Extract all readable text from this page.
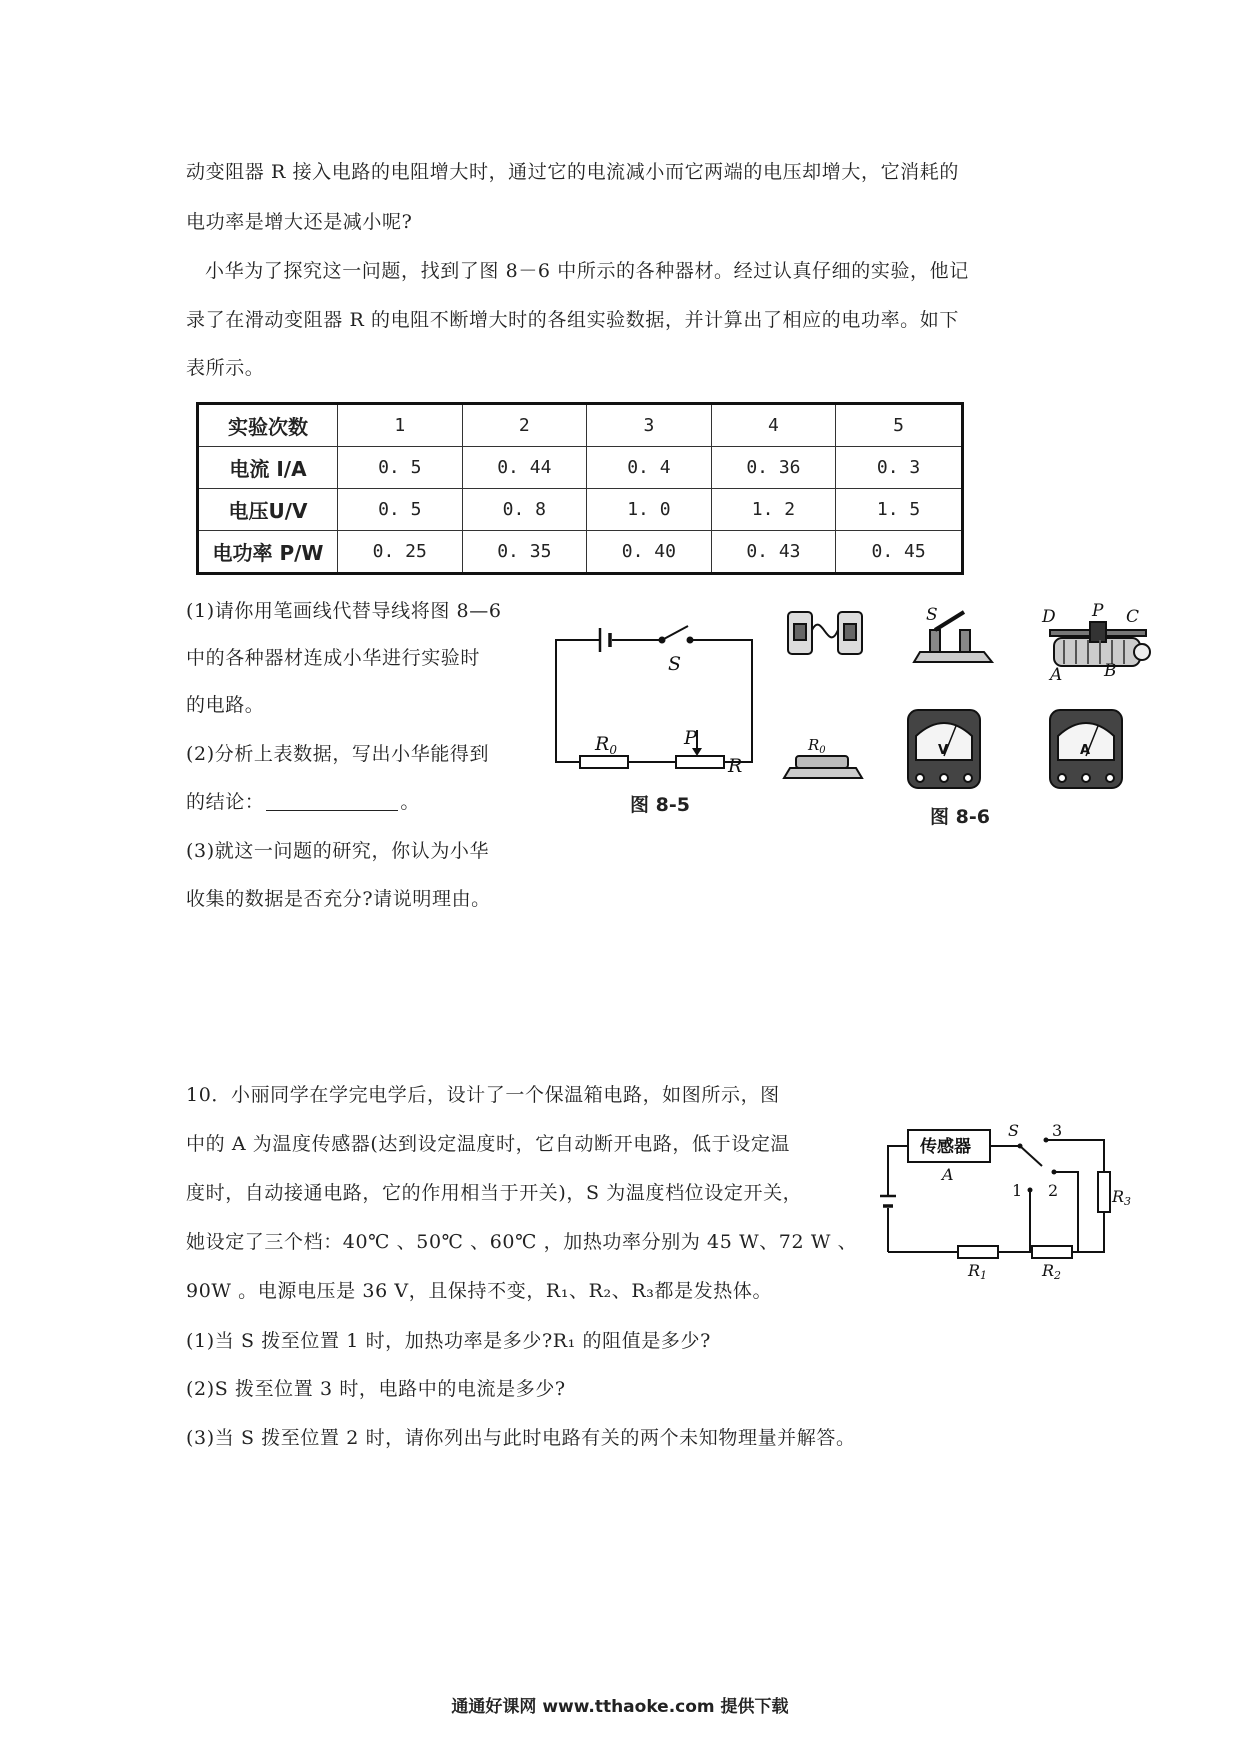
动变阻器 R 接入电路的电阻增大时，通过它的电流减小而它两端的电压却增大，它消耗的
电功率是增大还是减小呢?
小华为了探究这一问题，找到了图 8－6 中所示的各种器材。经过认真仔细的实验，他记
录了在滑动变阻器 R 的电阻不断增大时的各组实验数据，并计算出了相应的电功率。如下
表所示。
实验次数	1	2	3	4	5
电流 I/A	0. 5	0. 44	0. 4	0. 36	0. 3
电压U/V	0. 5	0. 8	1. 0	1. 2	1. 5
电功率 P/W	0. 25	0. 35	0. 40	0. 43	0. 45
(1)请你用笔画线代替导线将图 8—6
中的各种器材连成小华进行实验时
的电路。
(2)分析上表数据，写出小华能得到
的结论：	。
(3)就这一问题的研究，你认为小华
收集的数据是否充分?请说明理由。
S
$R_0$
P
R
图 8-5
S	D P C
A B
$R_0$	V	A
图 8-6
10．小丽同学在学完电学后，设计了一个保温箱电路，如图所示，图
中的 A 为温度传感器(达到设定温度时，它自动断开电路，低于设定温
度时，自动接通电路，它的作用相当于开关)，S 为温度档位设定开关，
她设定了三个档：40℃ 、50℃ 、60℃ ，加热功率分别为 45 W、72 W 、
90W 。电源电压是 36 V，且保持不变，R₁、R₂、R₃都是发热体。
(1)当 S 拨至位置 1 时，加热功率是多少?R₁ 的阻值是多少?
(2)S 拨至位置 3 时，电路中的电流是多少?
(3)当 S 拨至位置 2 时，请你列出与此时电路有关的两个未知物理量并解答。
传感器
A
S 3
1 2
R1	R2
R3
通通好课网 www.tthaoke.com 提供下载
